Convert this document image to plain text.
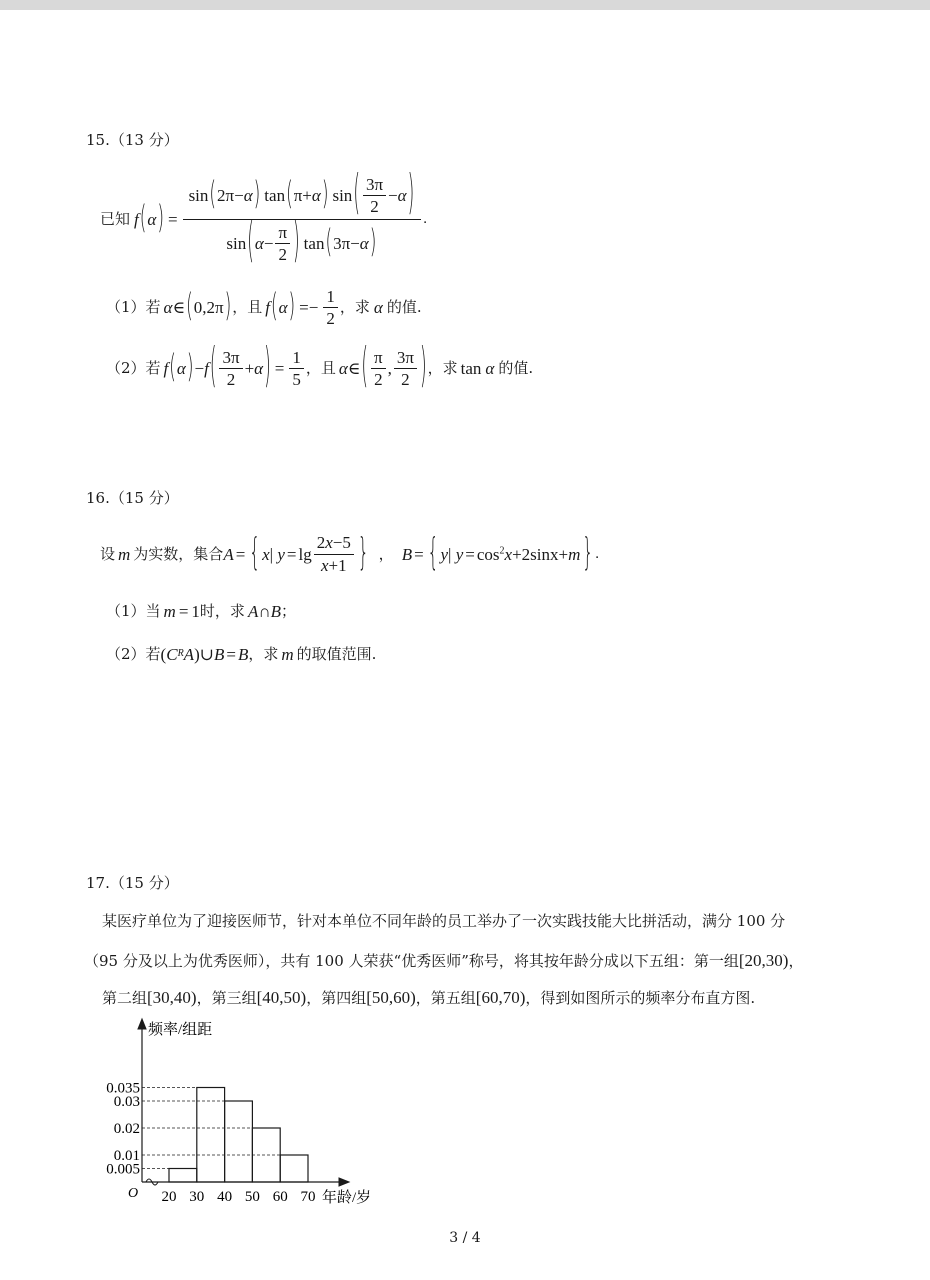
15.（13 分）
已知 f ( α ) =
sin ( 2π− α ) tan ( π+ α ) sin ( $\frac{3\pi}{2} - \alpha$ )
sin ( $\alpha - \frac{\pi}{2}$ ) tan ( 3π− α )
.
（1）若 α ∈ ( 0,2π ) ，且 f ( α ) =− $\frac{1}{2}$ ，求 α 的值.
（2）若 f ( α ) − f ( $\frac{3\pi}{2} + \alpha$ ) = $\frac{1}{5}$ ，且 α ∈ ( $\frac{\pi}{2}$ , $\frac{3\pi}{2}$ ) ，求 tan α 的值.
16.（15 分）
设 m 为实数，集合 A = { x | $y = \lg \frac{2x-5}{x+1}$ } ， B = { y | $y = \cos^2 x +2\sin x+ m$ } .
（1）当 m = 1 时，求 A ∩ B ；
（2）若 ( C R A )∪ B = B ，求 m 的取值范围.
17.（15 分）
某医疗单位为了迎接医师节，针对本单位不同年龄的员工举办了一次实践技能大比拼活动，满分 100 分
（95 分及以上为优秀医师），共有 100 人荣获“优秀医师”称号，将其按年龄分成以下五组：第一组[20,30)，
第二组[30,40)，第三组[40,50)，第四组[50,60)，第五组[60,70)，得到如图所示的频率分布直方图.
频率/组距
年龄/岁
O 20 30 40 50 60 70
0.035
0.03
0.02
0.01
0.005
3 / 4
